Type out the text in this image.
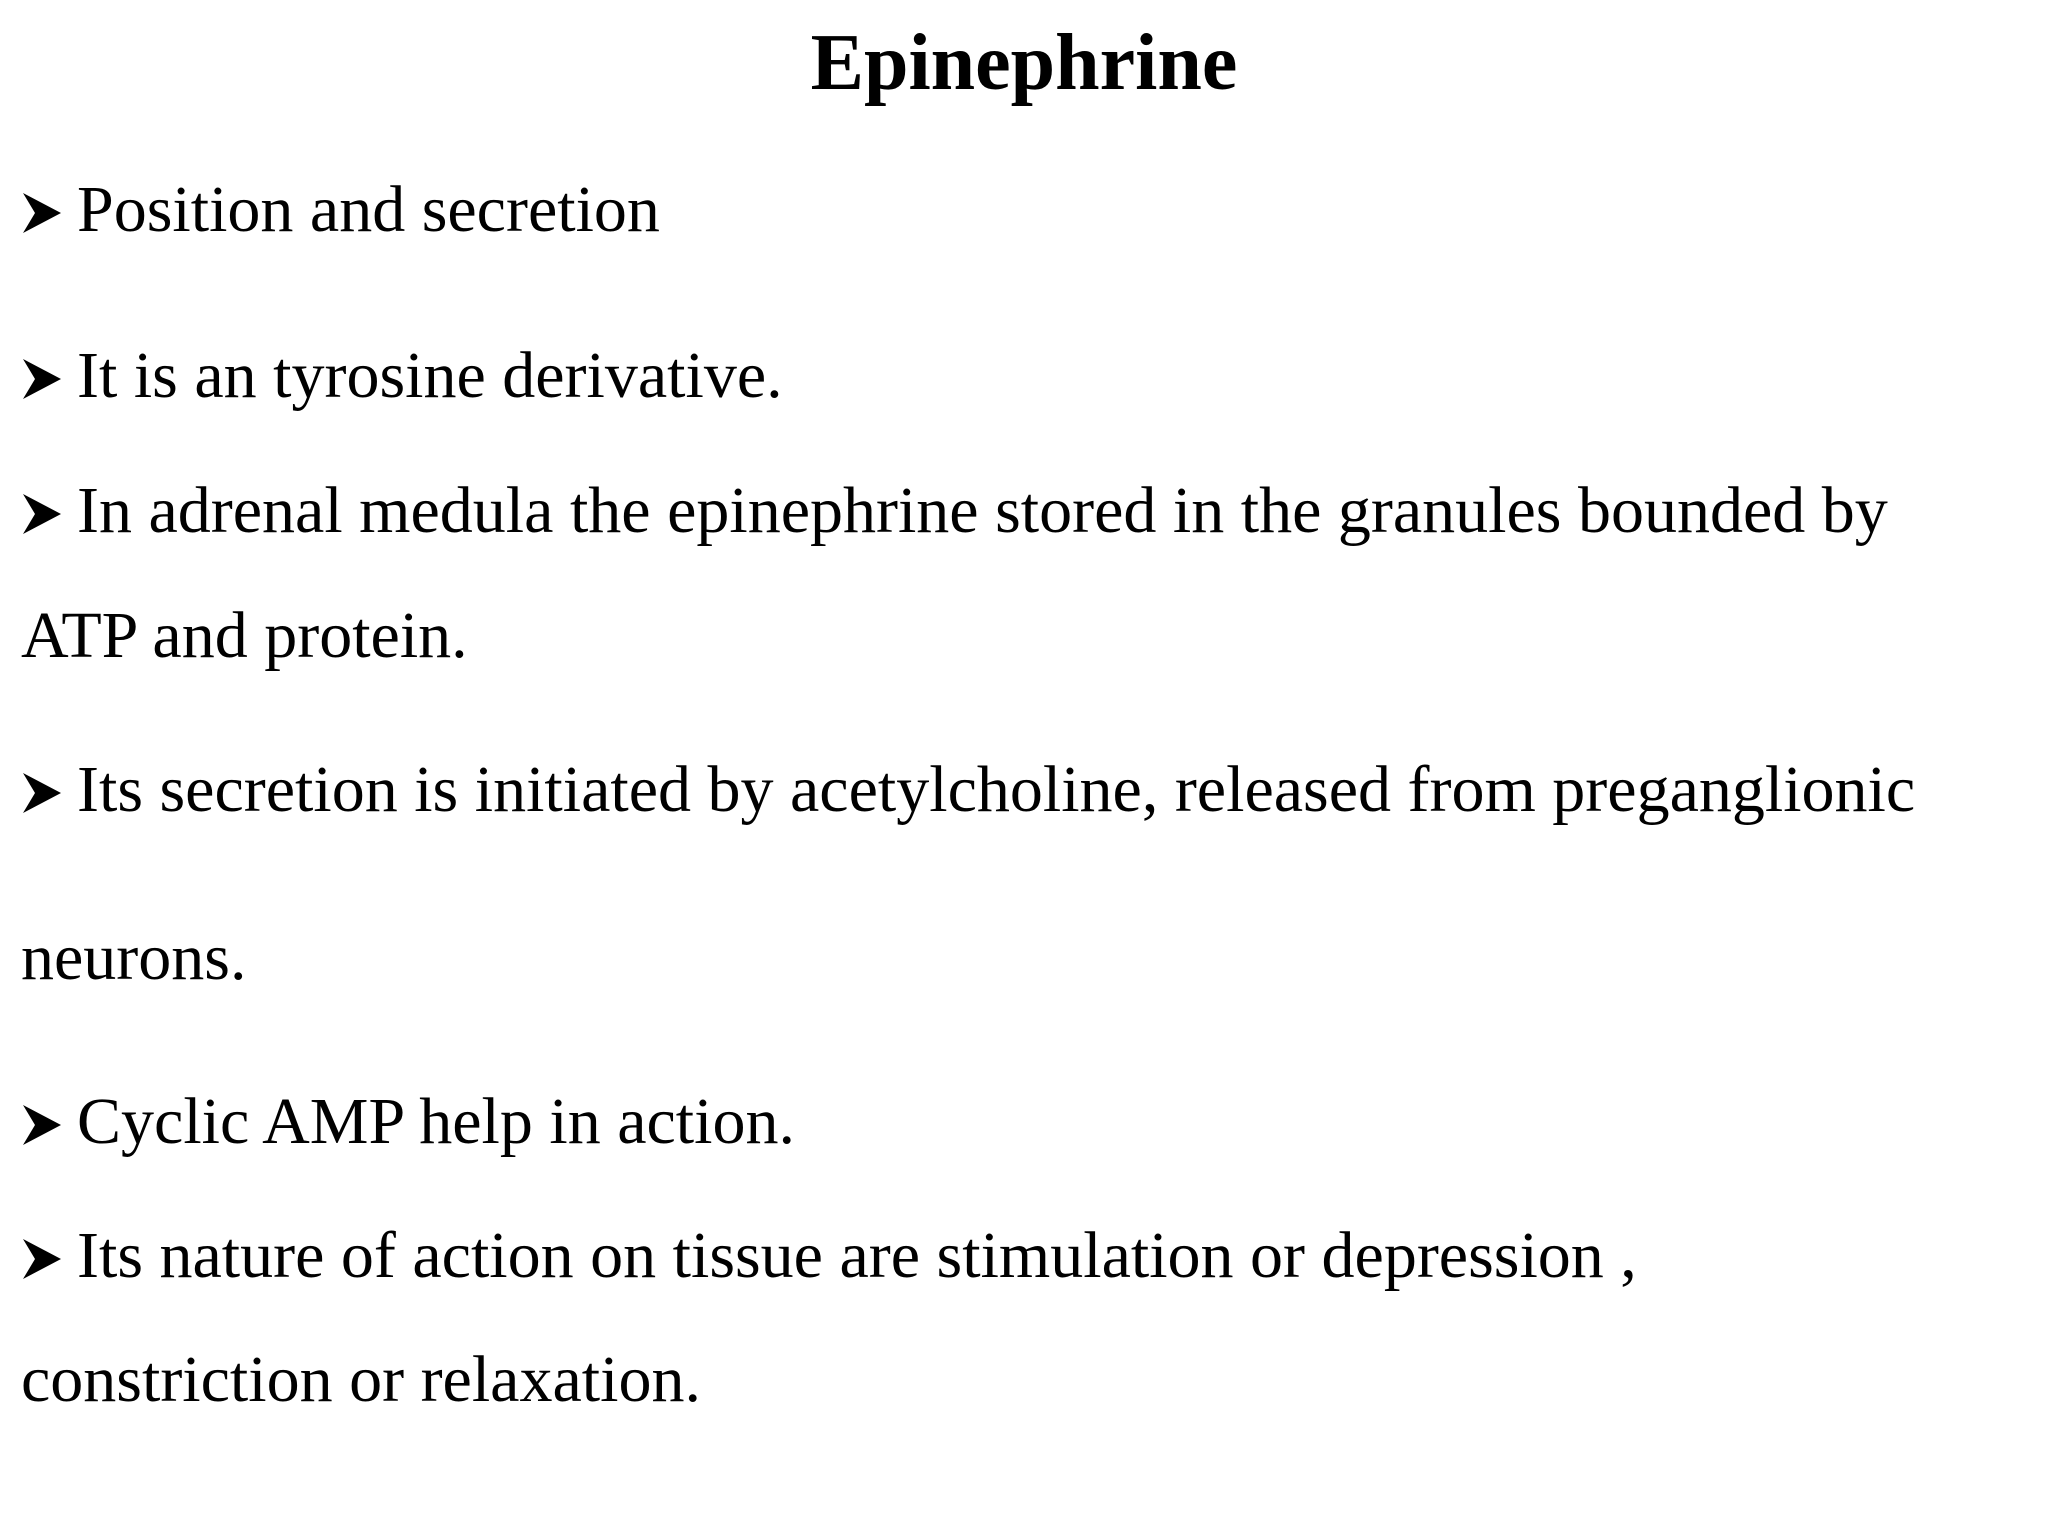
Epinephrine

Position and secretion

It is an tyrosine derivative.

In adrenal medula the epinephrine stored in the granules bounded by

ATP and protein.

Its secretion is initiated by acetylcholine, released from preganglionic

neurons.

Cyclic AMP help in action.

Its nature of action on tissue are stimulation or depression ,

constriction or relaxation.
